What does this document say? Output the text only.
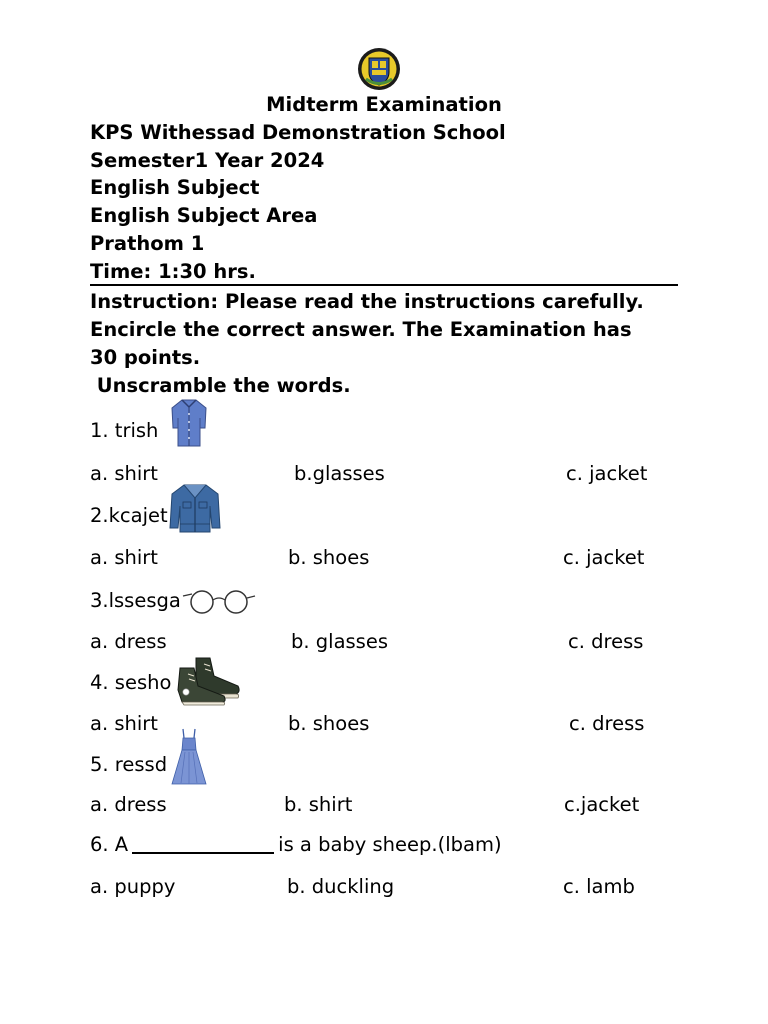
Midterm Examination
KPS Withessad Demonstration School
Semester1 Year 2024
English Subject
English Subject Area
Prathom 1
Time: 1:30 hrs.
Instruction: Please read the instructions carefully.
Encircle the correct answer. The Examination has
30 points.
Unscramble the words.
1. trish
a. shirt	b.glasses	c. jacket
2.kcajet
a. shirt	b. shoes	c. jacket
3.lssesga
a. dress	b. glasses	c. dress
4. sesho
a. shirt	b. shoes	c. dress
5. ressd
a. dress	b. shirt	c.jacket
6. A	is a baby sheep.(lbam)
a. puppy	b. duckling	c. lamb
